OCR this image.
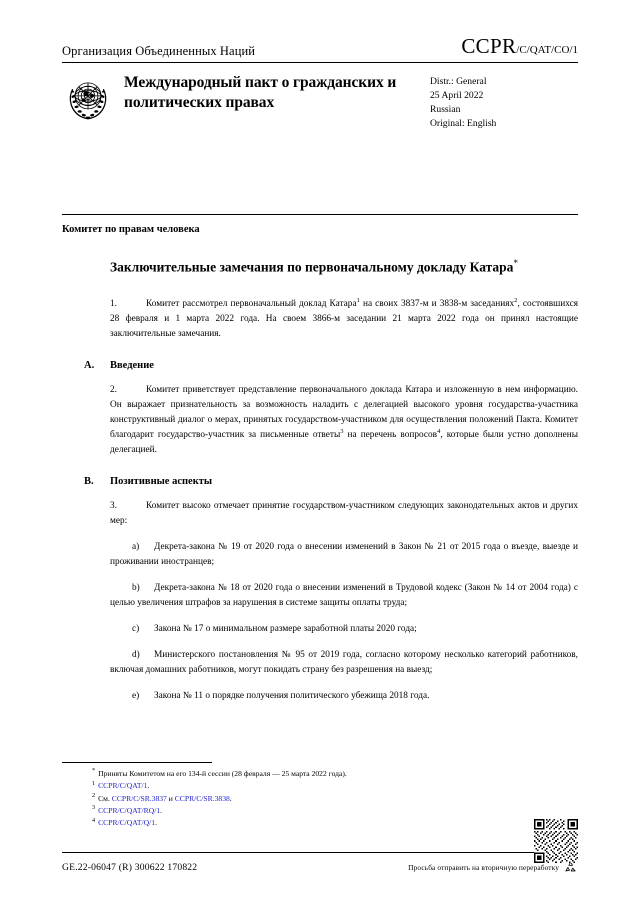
Организация Объединенных Наций	CCPR /C/QAT/CO/1
Международный пакт о гражданских и политических правах
Distr.: General
25 April 2022
Russian
Original: English
Комитет по правам человека
Заключительные замечания по первоначальному докладу Катара*

1.	Комитет рассмотрел первоначальный доклад Катара$^1$ на своих 3837-м и 3838-м заседаниях$^2$, состоявшихся 28 февраля и 1 марта 2022 года. На своем 3866-м заседании 21 марта 2022 года он принял настоящие заключительные замечания.

A. Введение

2.	Комитет приветствует представление первоначального доклада Катара и изложенную в нем информацию. Он выражает признательность за возможность наладить с делегацией высокого уровня государства-участника конструктивный диалог о мерах, принятых государством-участником для осуществления положений Пакта. Комитет благодарит государство-участник за письменные ответы$^3$ на перечень вопросов$^4$, которые были устно дополнены делегацией.

B. Позитивные аспекты

3.	Комитет высоко отмечает принятие государством-участником следующих законодательных актов и других мер:

a) Декрета-закона № 19 от 2020 года о внесении изменений в Закон № 21 от 2015 года о въезде, выезде и проживании иностранцев;

b) Декрета-закона № 18 от 2020 года о внесении изменений в Трудовой кодекс (Закон № 14 от 2004 года) с целью увеличения штрафов за нарушения в системе защиты оплаты труда;

c) Закона № 17 о минимальном размере заработной платы 2020 года;

d) Министерского постановления № 95 от 2019 года, согласно которому несколько категорий работников, включая домашних работников, могут покидать страну без разрешения на выезд;

e) Закона № 11 о порядке получения политического убежища 2018 года.

* Приняты Комитетом на его 134-й сессии (28 февраля — 25 марта 2022 года).

$^1$ CCPR/C/QAT/1.

$^2$ См. CCPR/C/SR.3837 и CCPR/C/SR.3838.

$^3$ CCPR/C/QAT/RQ/1.

$^4$ CCPR/C/QAT/Q/1.

GE.22-06047 (R) 300622 170822	Просьба отправить на вторичную переработку
